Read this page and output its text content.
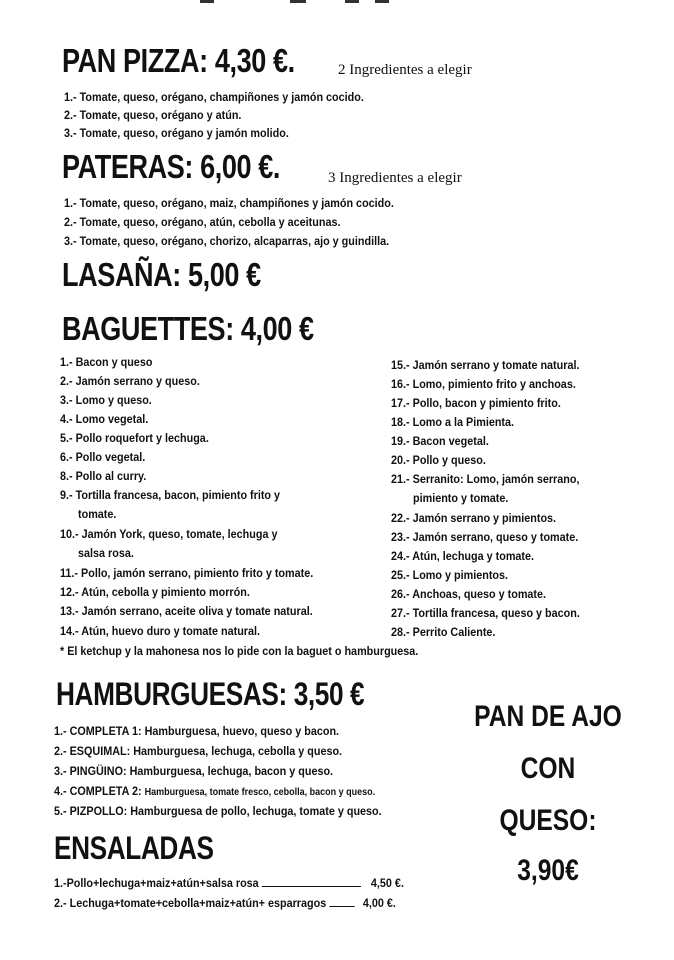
PAN PIZZA: 4,30 €.	2 Ingredientes a elegir
1.- Tomate, queso, orégano, champiñones y jamón cocido.
2.- Tomate, queso, orégano y atún.
3.- Tomate, queso, orégano y jamón molido.
PATERAS: 6,00 €.	3 Ingredientes a elegir
1.- Tomate, queso, orégano, maiz, champiñones y jamón cocido.
2.- Tomate, queso, orégano, atún, cebolla y aceitunas.
3.- Tomate, queso, orégano, chorizo, alcaparras, ajo y guindilla.
LASAÑA: 5,00 €
BAGUETTES: 4,00 €
1.- Bacon y queso
2.- Jamón serrano y queso.
3.- Lomo y queso.
4.- Lomo vegetal.
5.- Pollo roquefort y lechuga.
6.- Pollo vegetal.
8.- Pollo al curry.
9.- Tortilla francesa, bacon, pimiento frito y
tomate.
10.- Jamón York, queso, tomate, lechuga y
salsa rosa.
11.- Pollo, jamón serrano, pimiento frito y tomate.
12.- Atún, cebolla y pimiento morrón.
13.- Jamón serrano, aceite oliva y tomate natural.
14.- Atún, huevo duro y tomate natural.
15.- Jamón serrano y tomate natural.
16.- Lomo, pimiento frito y anchoas.
17.- Pollo, bacon y pimiento frito.
18.- Lomo a la Pimienta.
19.- Bacon vegetal.
20.- Pollo y queso.
21.- Serranito: Lomo, jamón serrano,
pimiento y tomate.
22.- Jamón serrano y pimientos.
23.- Jamón serrano, queso y tomate.
24.- Atún, lechuga y tomate.
25.- Lomo y pimientos.
26.- Anchoas, queso y tomate.
27.- Tortilla francesa, queso y bacon.
28.- Perrito Caliente.
* El ketchup y la mahonesa nos lo pide con la baguet o hamburguesa.
HAMBURGUESAS: 3,50 €
1.- COMPLETA 1: Hamburguesa, huevo, queso y bacon.
2.- ESQUIMAL: Hamburguesa, lechuga, cebolla y queso.
3.- PINGÜINO: Hamburguesa, lechuga, bacon y queso.
4.- COMPLETA 2: Hamburguesa, tomate fresco, cebolla, bacon y queso.
5.- PIZPOLLO: Hamburguesa de pollo, lechuga, tomate y queso.
ENSALADAS
1.-Pollo+lechuga+maiz+atún+salsa rosa	4,50 €.
2.- Lechuga+tomate+cebolla+maiz+atún+ esparragos	4,00 €.
PAN DE AJO
CON
QUESO:
3,90€
